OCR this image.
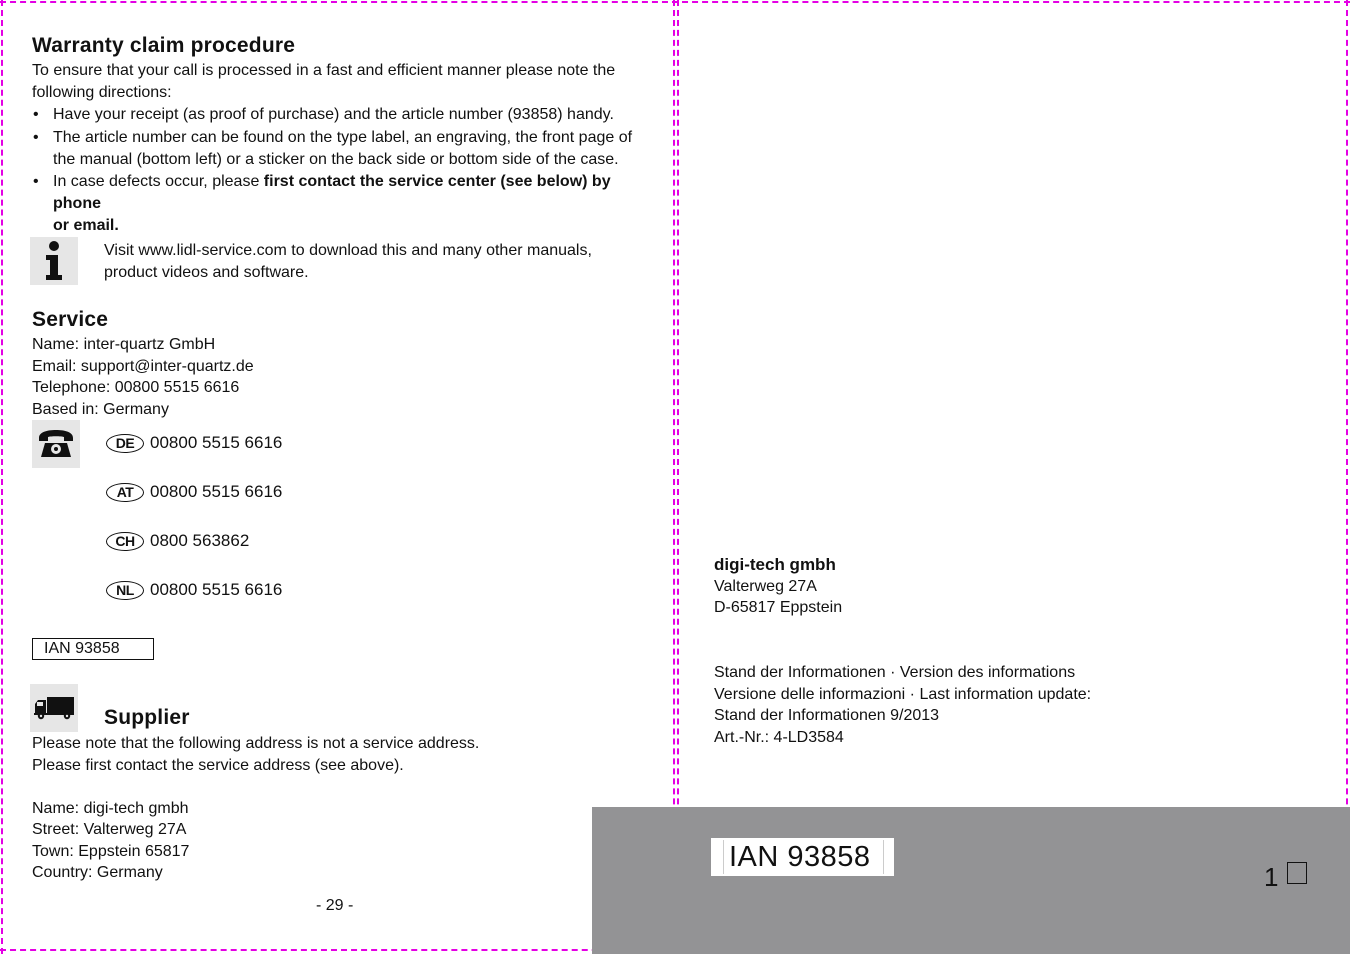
Warranty claim procedure
To ensure that your call is processed in a fast and efficient manner please note the
following directions:
• Have your receipt (as proof of purchase) and the article number (93858) handy.
• The article number can be found on the type label, an engraving, the front page of
the manual (bottom left) or a sticker on the back side or bottom side of the case.
• In case defects occur, please first contact the service center (see below) by phone
or email.
Visit www.lidl-service.com to download this and many other manuals,
product videos and software.
Service
Name: inter-quartz GmbH
Email: support@inter-quartz.de
Telephone: 00800 5515 6616
Based in: Germany
DE 00800 5515 6616
AT 00800 5515 6616
CH 0800 563862
NL 00800 5515 6616
IAN 93858
Supplier
Please note that the following address is not a service address.
Please first contact the service address (see above).
Name: digi-tech gmbh
Street: Valterweg 27A
Town: Eppstein 65817
Country: Germany
- 29 -
digi-tech gmbh
Valterweg 27A
D-65817 Eppstein
Stand der Informationen · Version des informations
Versione delle informazioni · Last information update:
Stand der Informationen 9/2013
Art.-Nr.: 4-LD3584
IAN 93858
1
